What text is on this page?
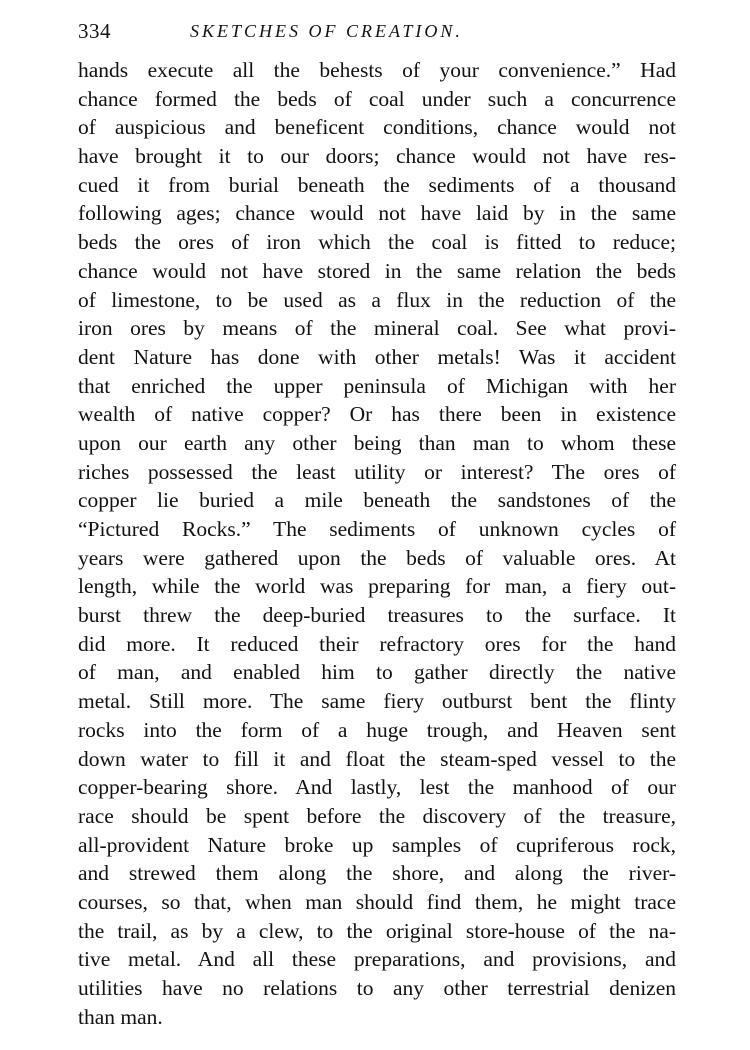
334	SKETCHES OF CREATION.
hands execute all the behests of your convenience.” Had
chance formed the beds of coal under such a concurrence
of auspicious and beneficent conditions, chance would not
have brought it to our doors; chance would not have res-
cued it from burial beneath the sediments of a thousand
following ages; chance would not have laid by in the same
beds the ores of iron which the coal is fitted to reduce;
chance would not have stored in the same relation the beds
of limestone, to be used as a flux in the reduction of the
iron ores by means of the mineral coal. See what provi-
dent Nature has done with other metals! Was it accident
that enriched the upper peninsula of Michigan with her
wealth of native copper? Or has there been in existence
upon our earth any other being than man to whom these
riches possessed the least utility or interest? The ores of
copper lie buried a mile beneath the sandstones of the
“Pictured Rocks.” The sediments of unknown cycles of
years were gathered upon the beds of valuable ores. At
length, while the world was preparing for man, a fiery out-
burst threw the deep-buried treasures to the surface. It
did more. It reduced their refractory ores for the hand
of man, and enabled him to gather directly the native
metal. Still more. The same fiery outburst bent the flinty
rocks into the form of a huge trough, and Heaven sent
down water to fill it and float the steam-sped vessel to the
copper-bearing shore. And lastly, lest the manhood of our
race should be spent before the discovery of the treasure,
all-provident Nature broke up samples of cupriferous rock,
and strewed them along the shore, and along the river-
courses, so that, when man should find them, he might trace
the trail, as by a clew, to the original store-house of the na-
tive metal. And all these preparations, and provisions, and
utilities have no relations to any other terrestrial denizen
than man.
